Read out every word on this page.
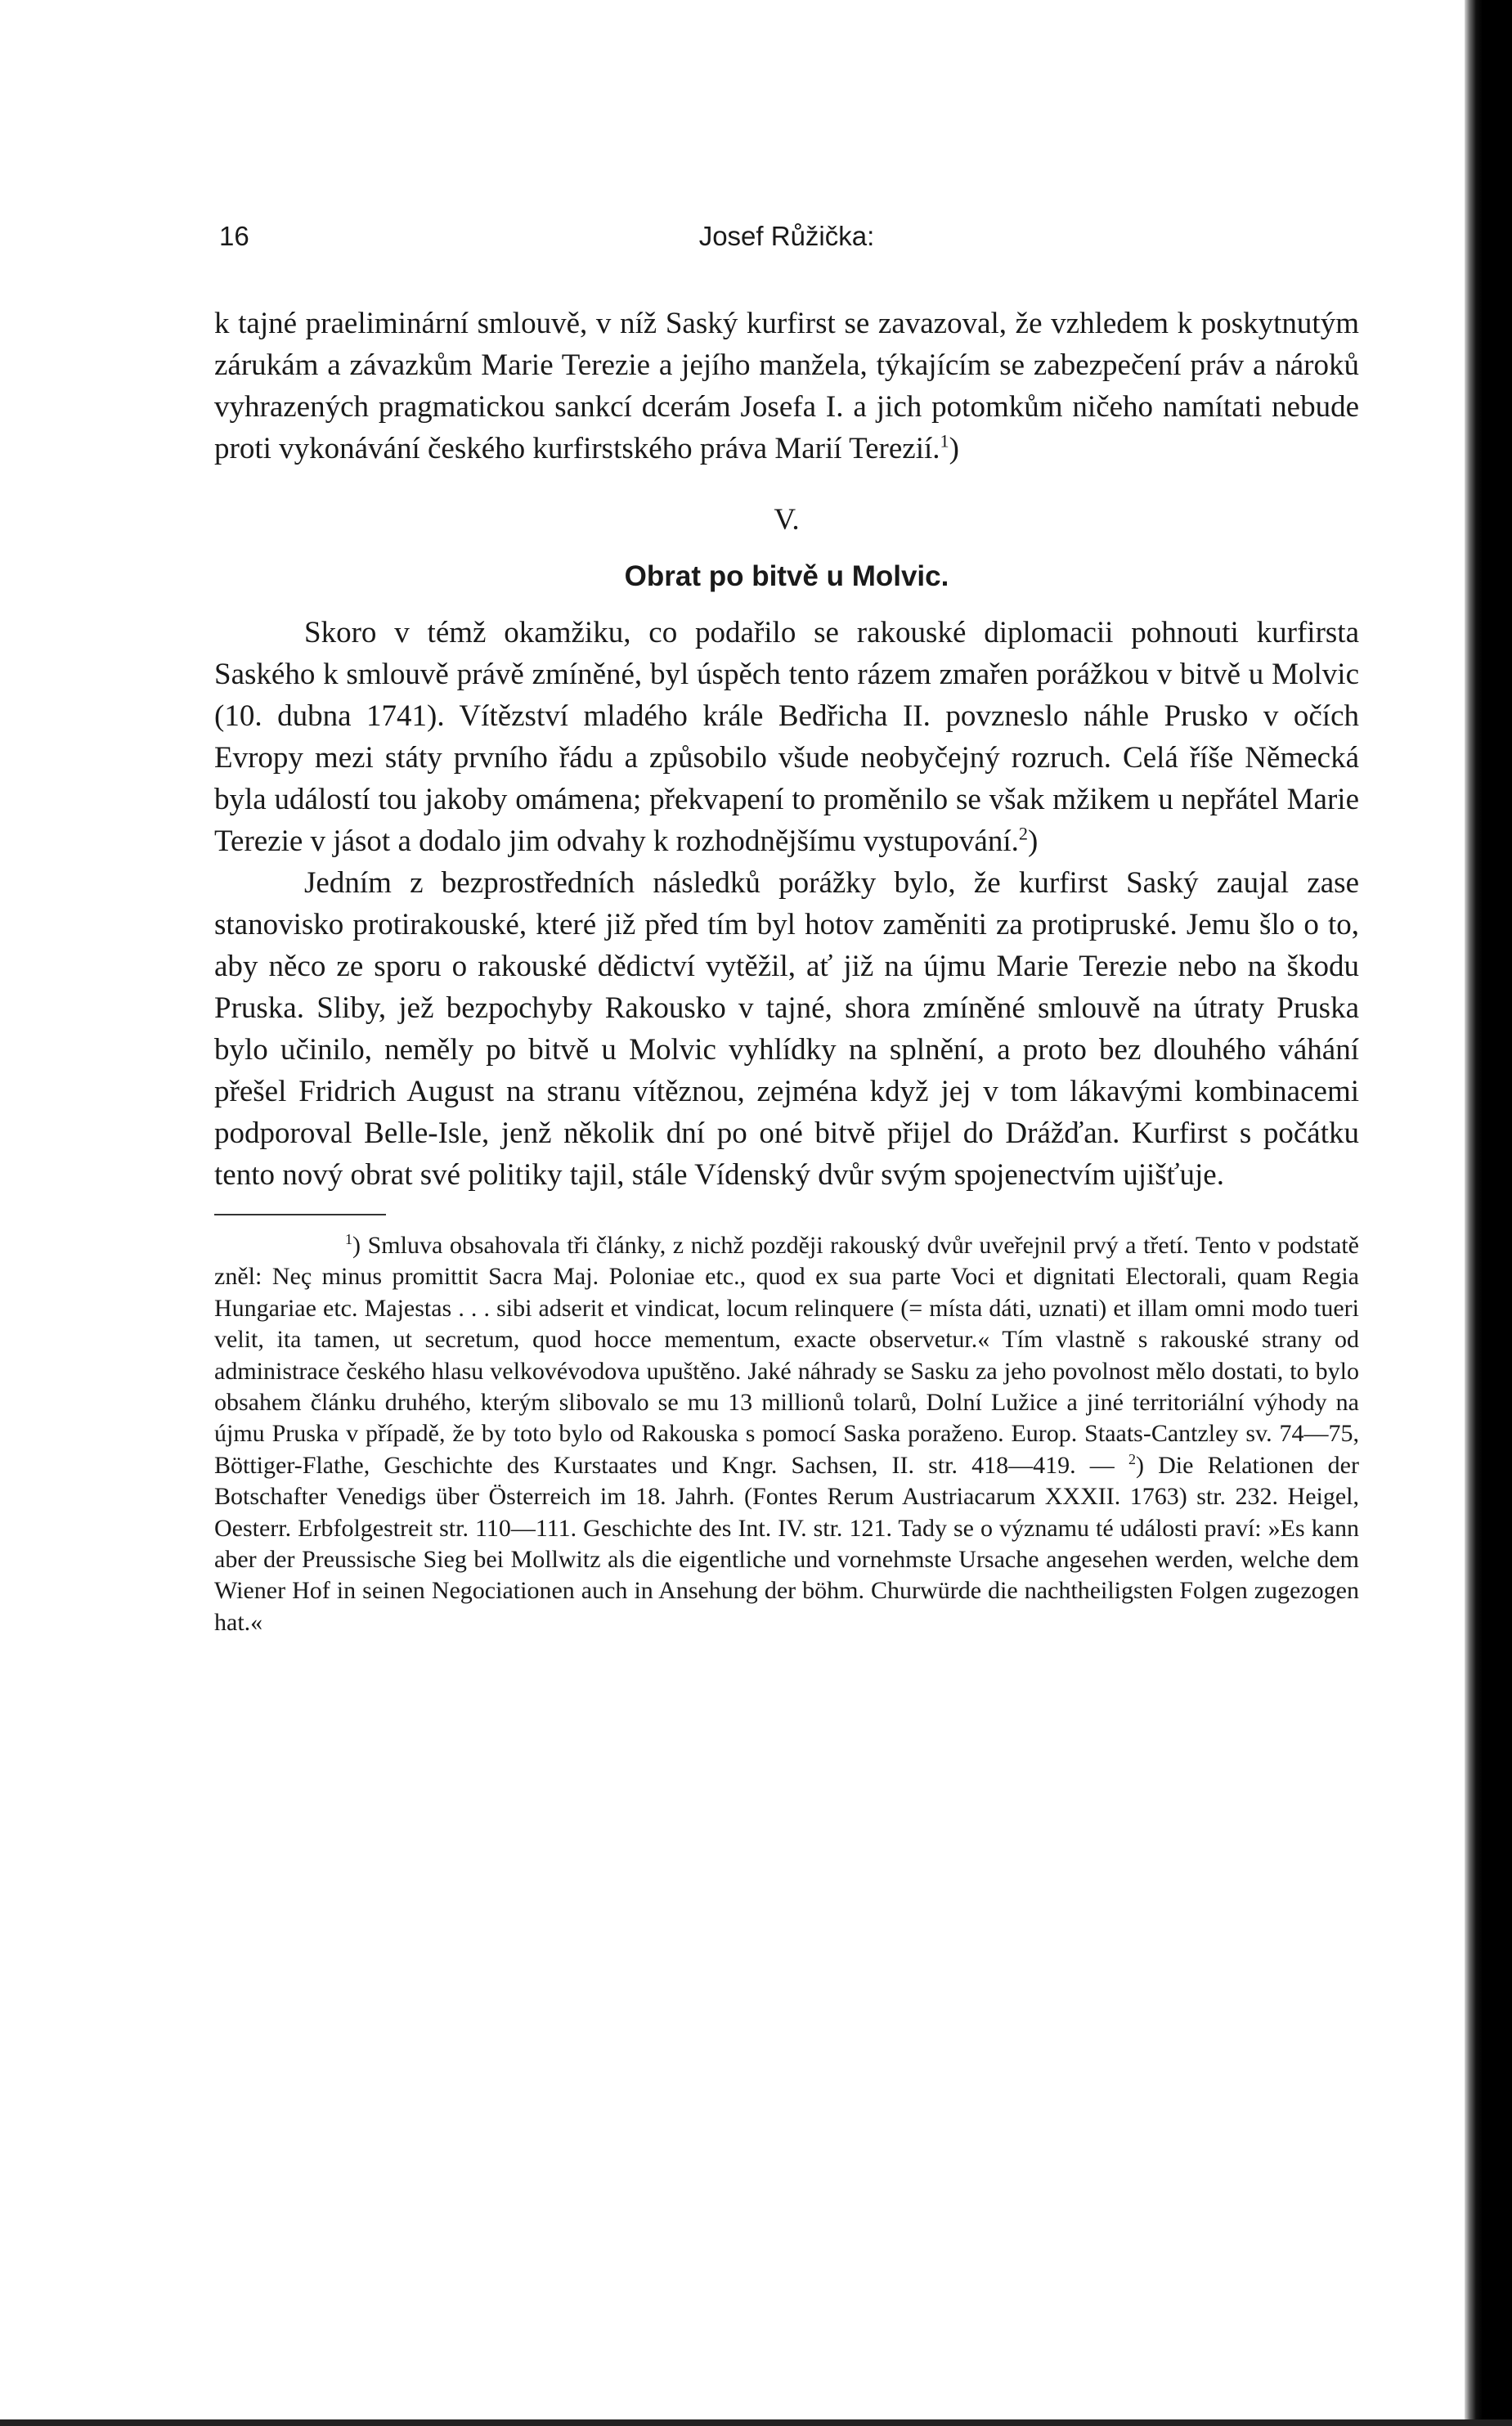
16	Josef Růžička:

k tajné praeliminární smlouvě, v níž Saský kurfirst se zavazoval, že vzhledem k poskytnutým zárukám a závazkům Marie Terezie a jejího manžela, týkajícím se zabezpečení práv a nároků vyhrazených pragmatickou sankcí dcerám Josefa I. a jich potomkům ničeho namítati nebude proti vykonávání českého kurfirstského práva Marií Terezií.$^1$)

V.
Obrat po bitvě u Molvic.

Skoro v témž okamžiku, co podařilo se rakouské diplomacii pohnouti kurfirsta Saského k smlouvě právě zmíněné, byl úspěch tento rázem zmařen porážkou v bitvě u Molvic (10. dubna 1741). Vítězství mladého krále Bedřicha II. povzneslo náhle Prusko v očích Evropy mezi státy prvního řádu a způsobilo všude neobyčejný rozruch. Celá říše Německá byla událostí tou jakoby omámena; překvapení to proměnilo se však mžikem u nepřátel Marie Terezie v jásot a dodalo jim odvahy k rozhodnějšímu vystupování.$^2$)

Jedním z bezprostředních následků porážky bylo, že kurfirst Saský zaujal zase stanovisko protirakouské, které již před tím byl hotov zaměniti za protipruské. Jemu šlo o to, aby něco ze sporu o rakouské dědictví vytěžil, ať již na újmu Marie Terezie nebo na škodu Pruska. Sliby, jež bezpochyby Rakousko v tajné, shora zmíněné smlouvě na útraty Pruska bylo učinilo, neměly po bitvě u Molvic vyhlídky na splnění, a proto bez dlouhého váhání přešel Fridrich August na stranu vítěznou, zejména když jej v tom lákavými kombinacemi podporoval Belle-Isle, jenž několik dní po oné bitvě přijel do Drážďan. Kurfirst s počátku tento nový obrat své politiky tajil, stále Vídenský dvůr svým spojenectvím ujišťuje.

$^1$) Smluva obsahovala tři články, z nichž později rakouský dvůr uveřejnil prvý a třetí. Tento v podstatě zněl: Neç minus promittit Sacra Maj. Poloniae etc., quod ex sua parte Voci et dignitati Electorali, quam Regia Hungariae etc. Majestas . . . sibi adserit et vindicat, locum relinquere (= místa dáti, uznati) et illam omni modo tueri velit, ita tamen, ut secretum, quod hocce mementum, exacte observetur.« Tím vlastně s rakouské strany od administrace českého hlasu velkovévodova upuštěno. Jaké náhrady se Sasku za jeho povolnost mělo dostati, to bylo obsahem článku druhého, kterým slibovalo se mu 13 millionů tolarů, Dolní Lužice a jiné territoriální výhody na újmu Pruska v případě, že by toto bylo od Rakouska s pomocí Saska poraženo. Europ. Staats-Cantzley sv. 74—75, Böttiger-Flathe, Geschichte des Kurstaates und Kngr. Sachsen, II. str. 418—419. — $^2$) Die Relationen der Botschafter Venedigs über Österreich im 18. Jahrh. (Fontes Rerum Austriacarum XXXII. 1763) str. 232. Heigel, Oesterr. Erbfolgestreit str. 110—111. Geschichte des Int. IV. str. 121. Tady se o významu té události praví: »Es kann aber der Preussische Sieg bei Mollwitz als die eigentliche und vornehmste Ursache angesehen werden, welche dem Wiener Hof in seinen Negociationen auch in Ansehung der böhm. Churwürde die nachtheiligsten Folgen zugezogen hat.«
